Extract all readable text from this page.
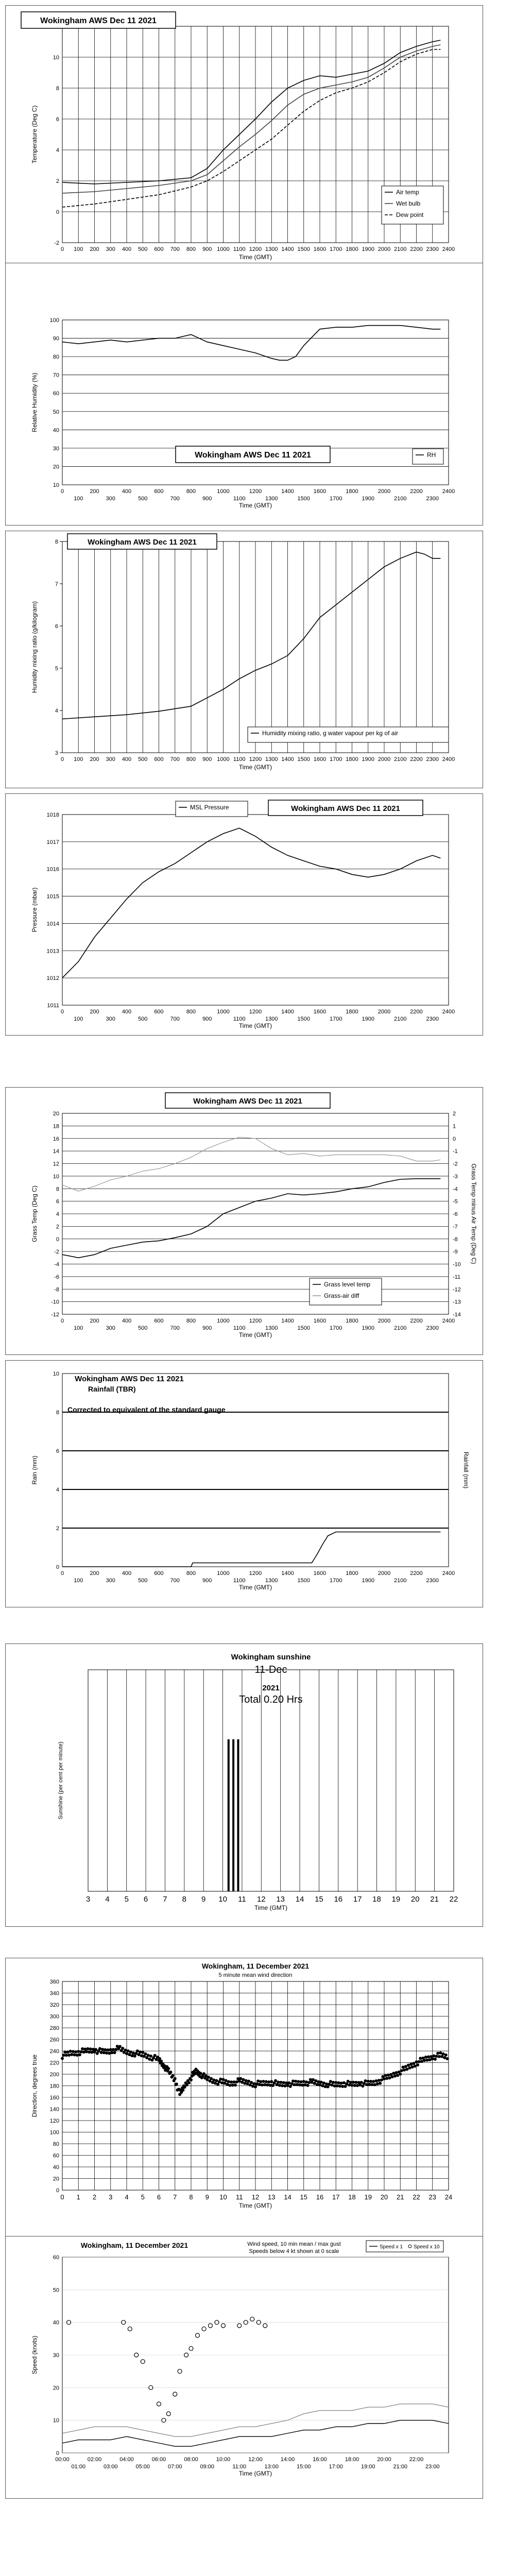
-2
0
2
4
6
8
10
0 100 200 300 400 500 600 700 800 900 1000 1100 1200 1300 1400 1500 1600 1700 1800 1900 2000 2100 2200 2300 2400
Time (GMT)
Temperature (Deg C)
Wokingham AWS Dec 11 2021
Air temp
Wet bulb
Dew point
10
20
30
40
50
60
70
80
90
100
0	200	400	600	800	1000	1200	1400	1600	1800	2000	2200	2400
100	300	500	700	900	1100	1300	1500	1700	1900	2100	2300
Time (GMT)
Relative Humidity (%)
Wokingham AWS Dec 11 2021	RH
3
4
5
6
7
8
0 100 200 300 400 500 600 700 800 900 1000 1100 1200 1300 1400 1500 1600 1700 1800 1900 2000 2100 2200 2300 2400
Time (GMT)
Humidity mixing ratio (g/kilogram)
Wokingham AWS Dec 11 2021
Humidity mixing ratio, g water vapour per kg of air
1011
1012
1013
1014
1015
1016
1017
1018
0	200	400	600	800	1000	1200	1400	1600	1800	2000	2200	2400
100	300	500	700	900	1100	1300	1500	1700	1900	2100	2300
Time (GMT)
Pressure (mbar)
MSL Pressure	Wokingham AWS Dec 11 2021
-12
-10
-8
-6
-4
-2
0
2
4
6
8
10
12
14
16
18
20
-14
-13
-12
-11
-10
-9
-8
-7
-6
-5
-4
-3
-2
-1
0
1
2
0	200	400	600	800	1000	1200	1400	1600	1800	2000	2200	2400
100	300	500	700	900	1100	1300	1500	1700	1900	2100	2300
Time (GMT)
Grass Temp (Deg C)	Grass Temp minus Air Temp (Deg C)
Wokingham AWS Dec 11 2021
Grass level temp
Grass-air diff
0
2
4
6
8
10
0	200	400	600	800	1000	1200	1400	1600	1800	2000	2200	2400
100	300	500	700	900	1100	1300	1500	1700	1900	2100	2300
Time (GMT)
Rain (mm)	Rainfall (mm)
Wokingham AWS Dec 11 2021
Rainfall (TBR)
Corrected to equivalent of the standard gauge
3 4 5 6 7 8 9 10 11 12 13 14 15 16 17 18 19 20 21 22
Time (GMT)
Sunshine (per cent per minute)
Wokingham sunshine
11-Dec
2021
Total 0.20 Hrs
0
20
40
60
80
100
120
140
160
180
200
220
240
260
280
300
320
340
360
0 1 2 3 4 5 6 7 8 9 10 11 12 13 14 15 16 17 18 19 20 21 22 23 24
Time (GMT)
Direction, degrees true
Wokingham, 11 December 2021
5 minute mean wind direction
0
10
20
30
40
50
60
00:00	02:00	04:00	06:00	08:00	10:00	12:00	14:00	16:00	18:00	20:00	22:00
01:00	03:00	05:00	07:00	09:00	11:00	13:00	15:00	17:00	19:00	21:00	23:00
Time (GMT)
Speed (knots)
Wokingham, 11 December 2021	Wind speed, 10 min mean / max gust
Speeds below 4 kt shown at 0 scale
Speed x 1 Speed x 10
